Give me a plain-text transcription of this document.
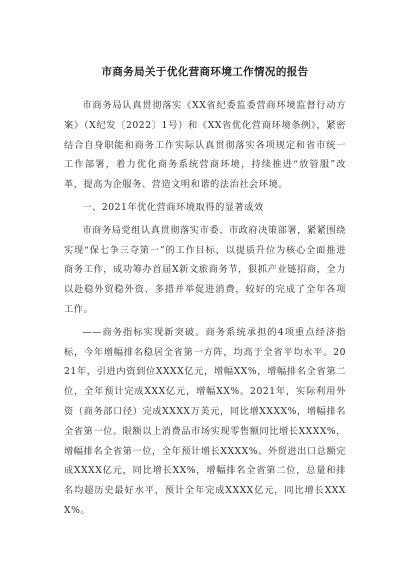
市商务局关于优化营商环境工作情况的报告

市商务局认真贯彻落实《XX省纪委监委营商环境监督行动方案》（X纪发〔2022〕1号）和《XX省优化营商环境条例》，紧密结合自身职能和商务工作实际认真贯彻落实各项规定和省市统一工作部署，着力优化商务系统营商环境，持续推进“放管服”改革，提高为企服务、营造文明和谐的法治社会环境。

一、2021年优化营商环境取得的显著成效

市商务局党组认真贯彻落实市委、市政府决策部署，紧紧围绕实现“保七争三夺第一”的工作目标，以提质升位为核心全面推进商务工作，成功筹办首届X新文旅商务节，狠抓产业链招商，全力以赴稳外贸稳外资、多措并举促进消费，较好的完成了全年各项工作。

——商务指标实现新突破。商务系统承担的4项重点经济指标，今年增幅排名稳居全省第一方阵，均高于全省平均水平。2021年，引进内资到位XXXX亿元，增幅XX%，增幅排名全省第二位，全年预计完成XXX亿元，增幅XX%。2021年，实际利用外资（商务部口径）完成XXXX万美元，同比增XXXX%，增幅排名全省第一位。限额以上消费品市场实现零售额同比增长XXXX%，增幅排名全省第一位，全年预计增长XXXX%。外贸进出口总额完成XXXX亿元，同比增长XX%，增幅排名全省第二位，总量和排名均超历史最好水平，预计全年完成XXXX亿元，同比增长XXXX%。
